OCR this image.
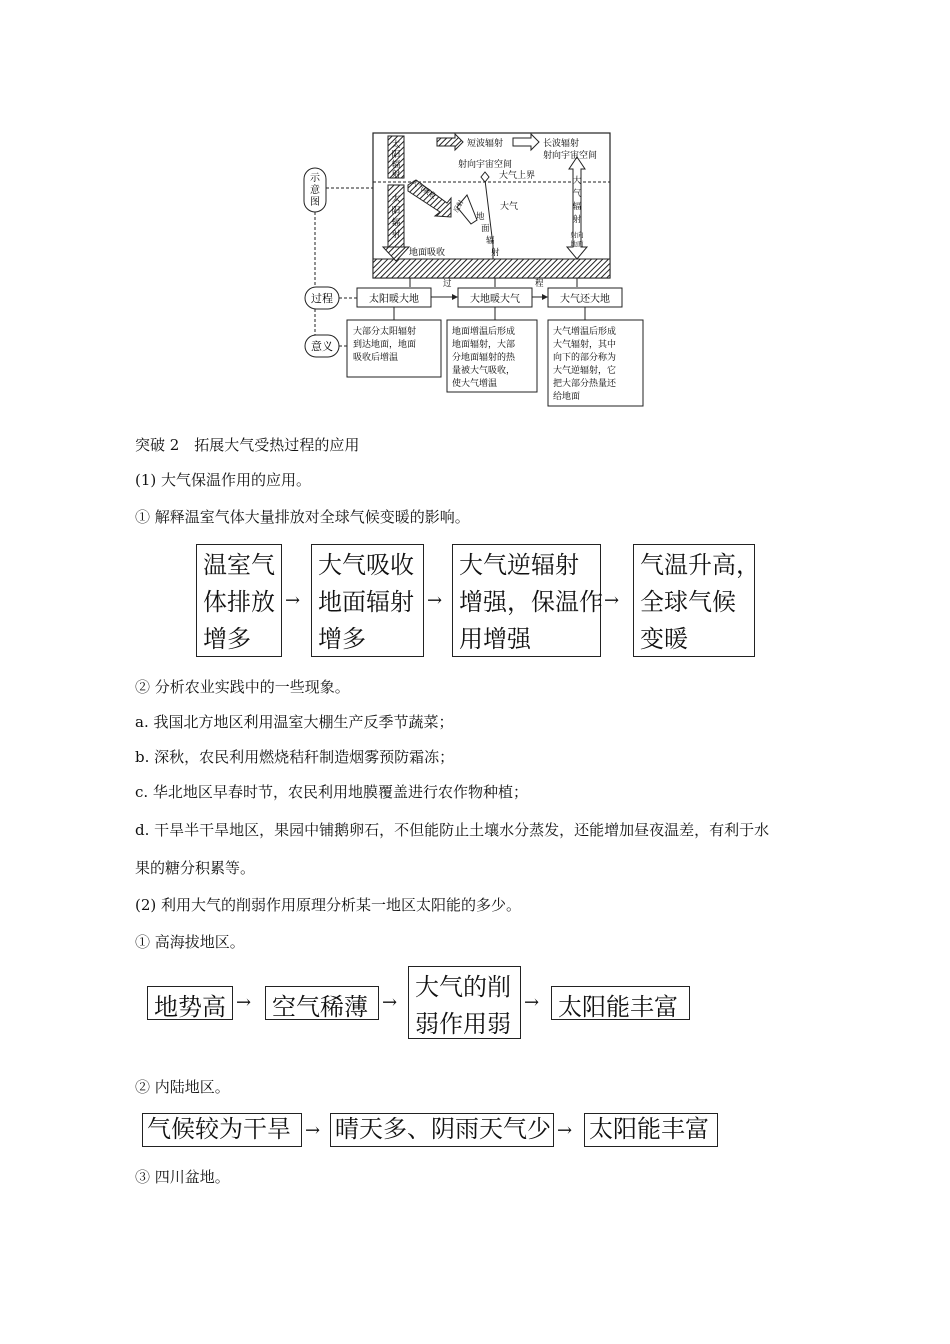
示
意
图
过程
意义
太
阳
辐
射
太
阳
辐
射
短波辐射	长波辐射
射向宇宙空间
射向宇宙空间
大气上界
大气吸收
反射	大气
地
面
辐
射
地面吸收
大
气
辐
射
射向
地面
过	程
太阳暖大地	大地暖大气	大气还大地
大部分太阳辐射
到达地面，地面
吸收后增温
地面增温后形成
地面辐射，大部
分地面辐射的热
量被大气吸收，
使大气增温
大气增温后形成
大气辐射，其中
向下的部分称为
大气逆辐射，它
把大部分热量还
给地面
突破 2　拓展大气受热过程的应用
(1) 大气保温作用的应用。
① 解释温室气体大量排放对全球气候变暖的影响。
温室气
体排放
增多
→
大气吸收
地面辐射
增多
→
大气逆辐射
增强，保温作
用增强
→
气温升高，
全球气候
变暖
② 分析农业实践中的一些现象。
a. 我国北方地区利用温室大棚生产反季节蔬菜；
b. 深秋，农民利用燃烧秸秆制造烟雾预防霜冻；
c. 华北地区早春时节，农民利用地膜覆盖进行农作物种植；
d. 干旱半干旱地区，果园中铺鹅卵石，不但能防止土壤水分蒸发，还能增加昼夜温差，有利于水
果的糖分积累等。
(2) 利用大气的削弱作用原理分析某一地区太阳能的多少。
① 高海拔地区。
地势高 → 空气稀薄 →
大气的削
弱作用弱
→ 太阳能丰富
② 内陆地区。
气候较为干旱 → 晴天多、阴雨天气少 → 太阳能丰富
③ 四川盆地。
